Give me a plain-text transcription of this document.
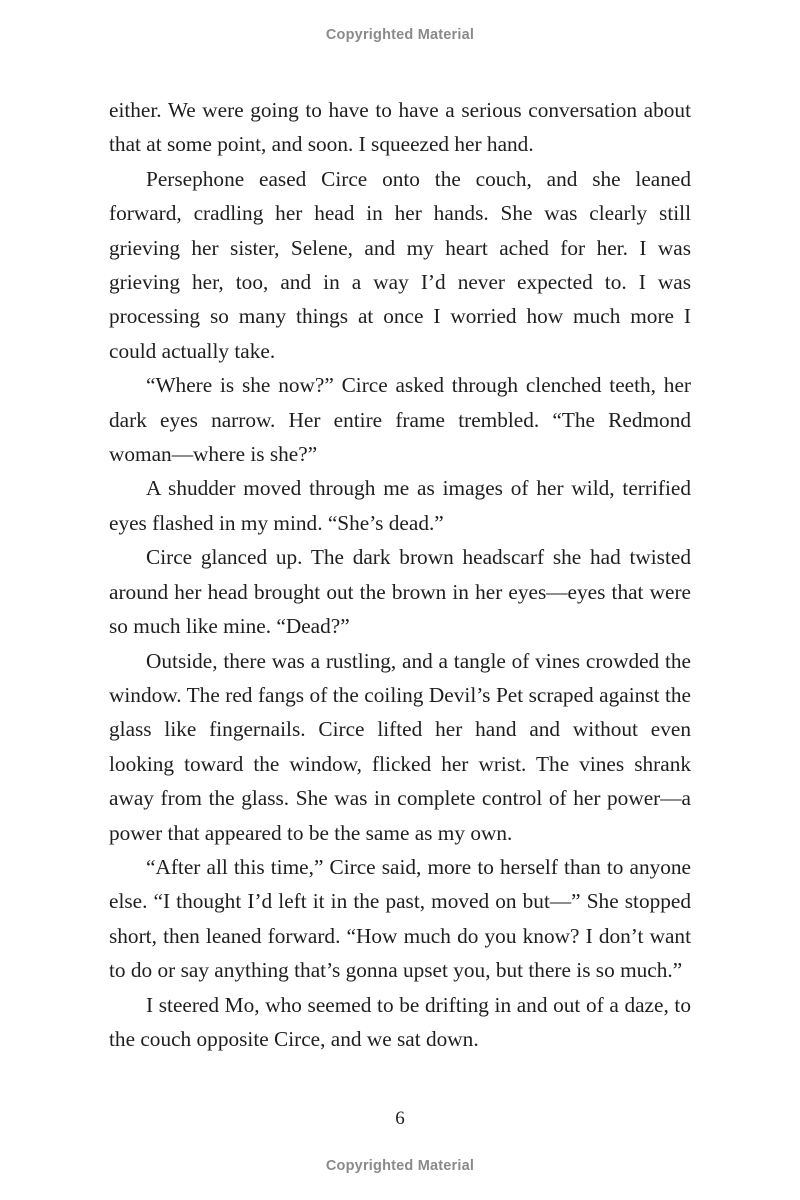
Copyrighted Material

either. We were going to have to have a serious conversation about that at some point, and soon. I squeezed her hand.

Persephone eased Circe onto the couch, and she leaned forward, cradling her head in her hands. She was clearly still grieving her sister, Selene, and my heart ached for her. I was grieving her, too, and in a way I’d never expected to. I was processing so many things at once I worried how much more I could actually take.

“Where is she now?” Circe asked through clenched teeth, her dark eyes narrow. Her entire frame trembled. “The Redmond woman—where is she?”

A shudder moved through me as images of her wild, terrified eyes flashed in my mind. “She’s dead.”

Circe glanced up. The dark brown headscarf she had twisted around her head brought out the brown in her eyes—eyes that were so much like mine. “Dead?”

Outside, there was a rustling, and a tangle of vines crowded the window. The red fangs of the coiling Devil’s Pet scraped against the glass like fingernails. Circe lifted her hand and without even looking toward the window, flicked her wrist. The vines shrank away from the glass. She was in complete control of her power—a power that appeared to be the same as my own.

“After all this time,” Circe said, more to herself than to anyone else. “I thought I’d left it in the past, moved on but—” She stopped short, then leaned forward. “How much do you know? I don’t want to do or say anything that’s gonna upset you, but there is so much.”

I steered Mo, who seemed to be drifting in and out of a daze, to the couch opposite Circe, and we sat down.

6
Copyrighted Material
